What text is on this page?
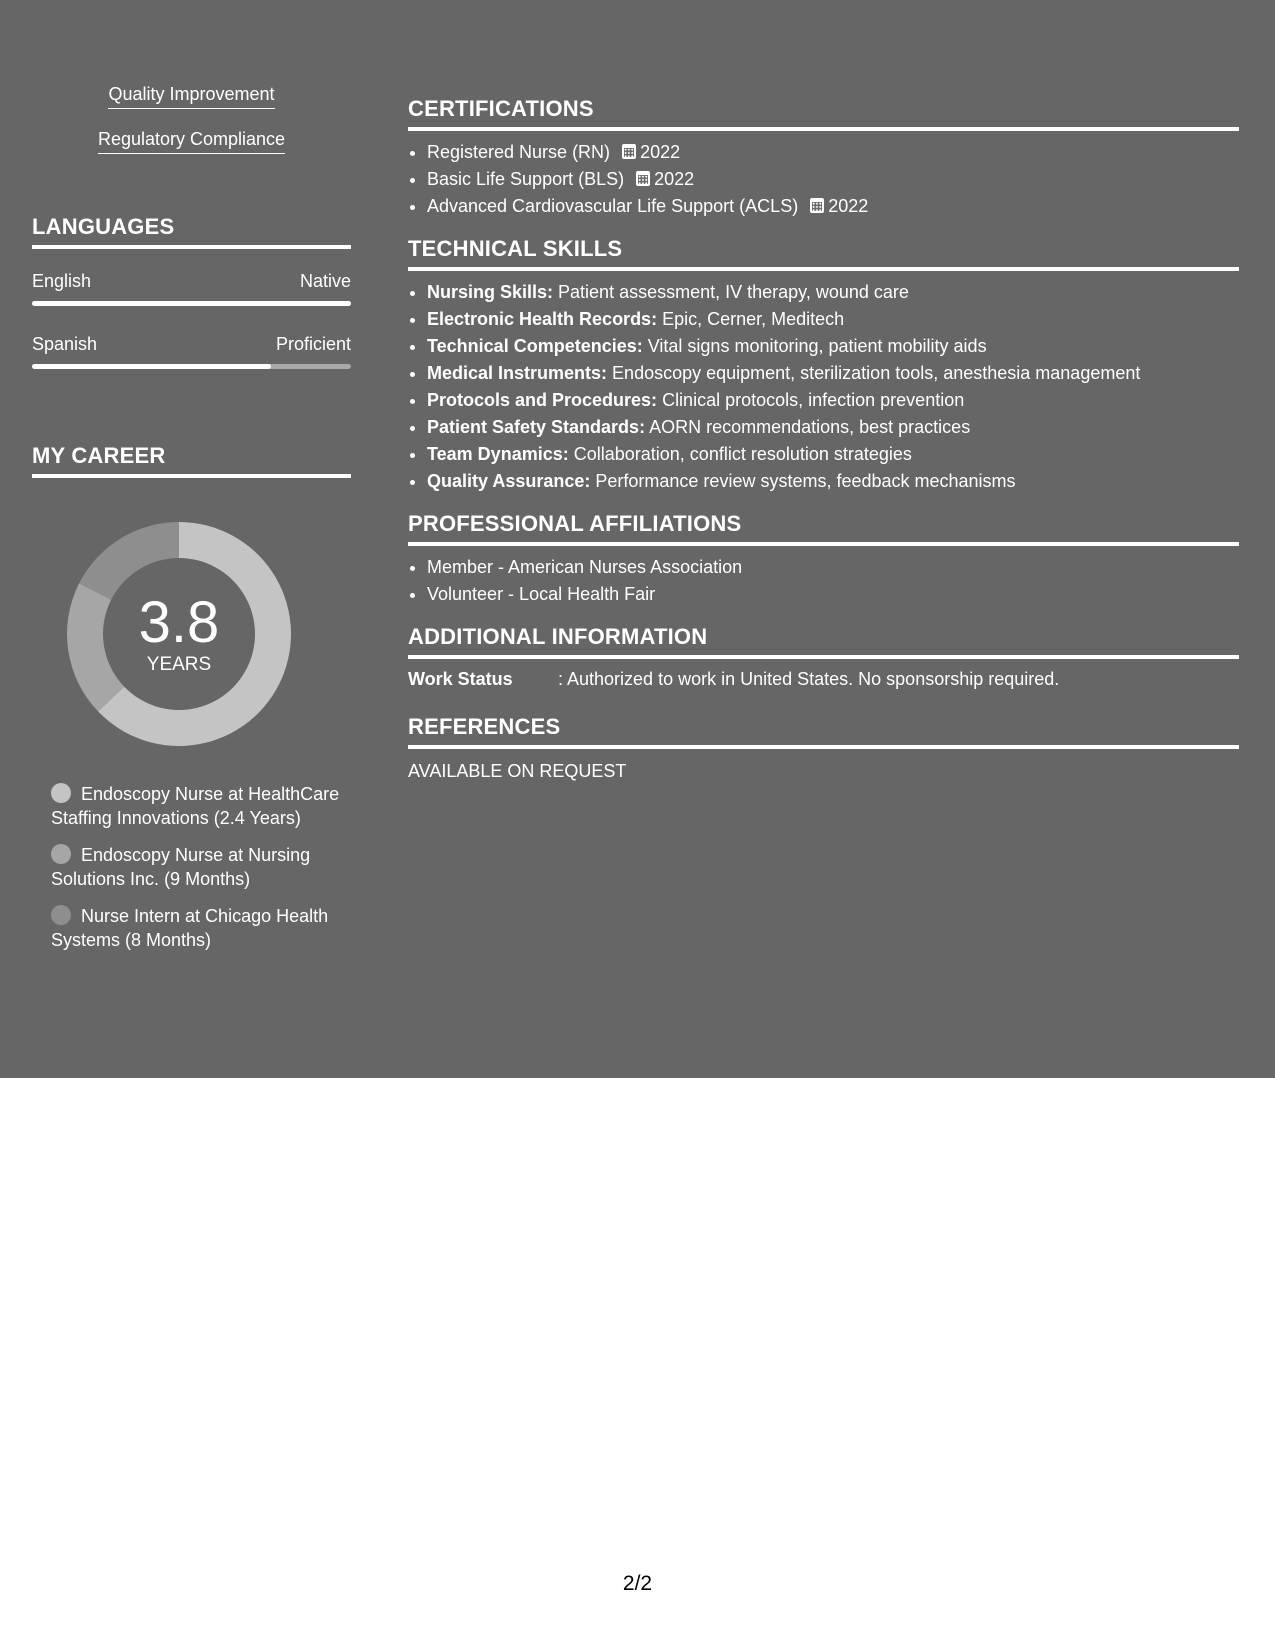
Quality Improvement
Regulatory Compliance
LANGUAGES
English	Native
Spanish	Proficient
MY CAREER
3.8
YEARS
Endoscopy Nurse at HealthCare Staffing Innovations (2.4 Years)
Endoscopy Nurse at Nursing Solutions Inc. (9 Months)
Nurse Intern at Chicago Health Systems (8 Months)
CERTIFICATIONS
• Registered Nurse (RN) 2022
• Basic Life Support (BLS) 2022
• Advanced Cardiovascular Life Support (ACLS) 2022
TECHNICAL SKILLS
• Nursing Skills: Patient assessment, IV therapy, wound care
• Electronic Health Records: Epic, Cerner, Meditech
• Technical Competencies: Vital signs monitoring, patient mobility aids
• Medical Instruments: Endoscopy equipment, sterilization tools, anesthesia management
• Protocols and Procedures: Clinical protocols, infection prevention
• Patient Safety Standards: AORN recommendations, best practices
• Team Dynamics: Collaboration, conflict resolution strategies
• Quality Assurance: Performance review systems, feedback mechanisms
PROFESSIONAL AFFILIATIONS
• Member - American Nurses Association
• Volunteer - Local Health Fair
ADDITIONAL INFORMATION
Work Status	: Authorized to work in United States. No sponsorship required.
REFERENCES
AVAILABLE ON REQUEST
2/2
